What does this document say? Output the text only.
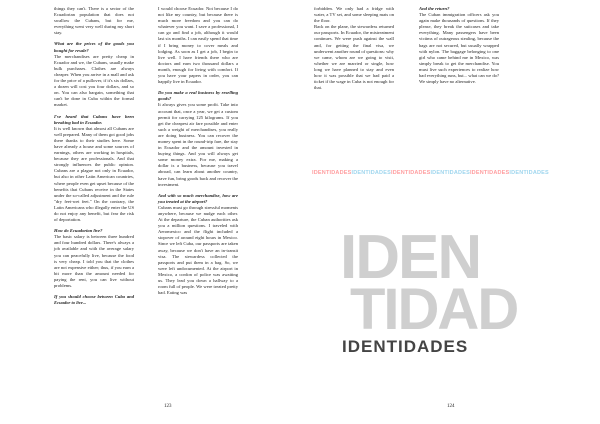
things they can't. There is a sector of the Ecuadorian population that does not swallow the Cubans, but for me, everything went very well during my short stay.

What are the prices of the goods you bought for resale?

The merchandises are pretty cheap in Ecuador and we, the Cubans, usually make bulk purchases. Clothes are always cheaper. When you arrive in a mall and ask for the price of a pullover, if it's six dollars, a dozen will cost you four dollars, and so on. You can also bargain, something that can't be done in Cuba within the formal market.

I've heard that Cubans have been breaking bad in Ecuador.

It is well known that almost all Cubans are well prepared. Many of them got good jobs there thanks to their studies here. Some have already a house and some sources of earnings, others are working in hospitals, because they are professionals. And that strongly influences the public opinion. Cubans are a plague not only in Ecuador, but also in other Latin American countries, where people even get upset because of the benefits that Cubans receive in the States under the so-called adjustment and the rule "dry feet-wet feet." On the contrary, the Latin Americans who illegally enter the US do not enjoy any benefit, but fear the risk of deportation.

How do Ecuadorian live?

The basic salary is between three hundred and four hundred dollars. There's always a job available and with the average salary you can peacefully live, because the food is very cheap. I told you that the clothes are not expensive either; thus, if you earn a bit more than the amount needed for paying the rent, you can live without problems.

If you should choose between Cuba and Ecuador to live...

I would choose Ecuador. Not because I do not like my country, but because there is much more freedom and you can do whatever you want. I save a professional, I can go and find a job, although it would last six months. I can easily spend that time if I bring money to cover meals and lodging. As soon as I get a job, I begin to live well. I have friends there who are doctors and earn two thousand dollars a month, enough for living with comfort. If you have your papers in order, you can happily live in Ecuador.

Do you make a real business by reselling goods?

It always gives you some profit. Take into account that, once a year, we get a custom permit for carrying 125 kilograms. If you get the cheapest air fare possible and enter such a weight of merchandises, you really are doing business. You can recover the money spent in the round-trip fare, the stay in Ecuador and the amount invested in buying things. And you will always get some money extra. For me, making a dollar is a business, because you travel abroad, can learn about another country, have fun, bring goods back and recover the investment.

And with so much merchandise, how are you treated at the airport?

Cubans must go through stressful moments anywhere, because we nudge each other. At the departure, the Cuban authorities ask you a million questions. I traveled with Aeromexico and the flight included a stopover of around eight hours in Mexico. Since we left Cuba, our passports are taken away, because we don't have an in-transit visa. The stewardess collected the passports and put them in a bag. So, we were left undocumented. At the airport in Mexico, a cordon of police was awaiting us. They lead you down a hallway to a room full of people. We were treated pretty bad. Eating was

123	124

forbidden. We only had a fridge with water, a TV set, and some sleeping mats on the floor.

Back on the plane, the stewardess returned our passports. In Ecuador, the mistreatment continues. We were push against the wall and, for getting the final visa, we underwent another round of questions: why we came, whom are we going to visit, whether we are married or single, how long we have planned to stay and even how it was possible that we had paid a ticket if the wage in Cuba is not enough for that.

And the return?

The Cuban immigration officers ask you again make thousands of questions. If they please, they break the suitcases and take everything. Many passengers have been victims of outrageous stealing, because the bags are not secured, but usually wrapped with nylon. The baggage belonging to one girl who came behind me in Mexico, was simply break to get the merchandise. You must live such experiences to realize how bad everything runs, but... what can we do? We simply have no alternative.

IDENTIDADES IDENTIDADES IDENTIDADES IDENTIDADES IDENTIDADES IDENTIDADES
IDEN
TIDAD
IDENTIDADES
